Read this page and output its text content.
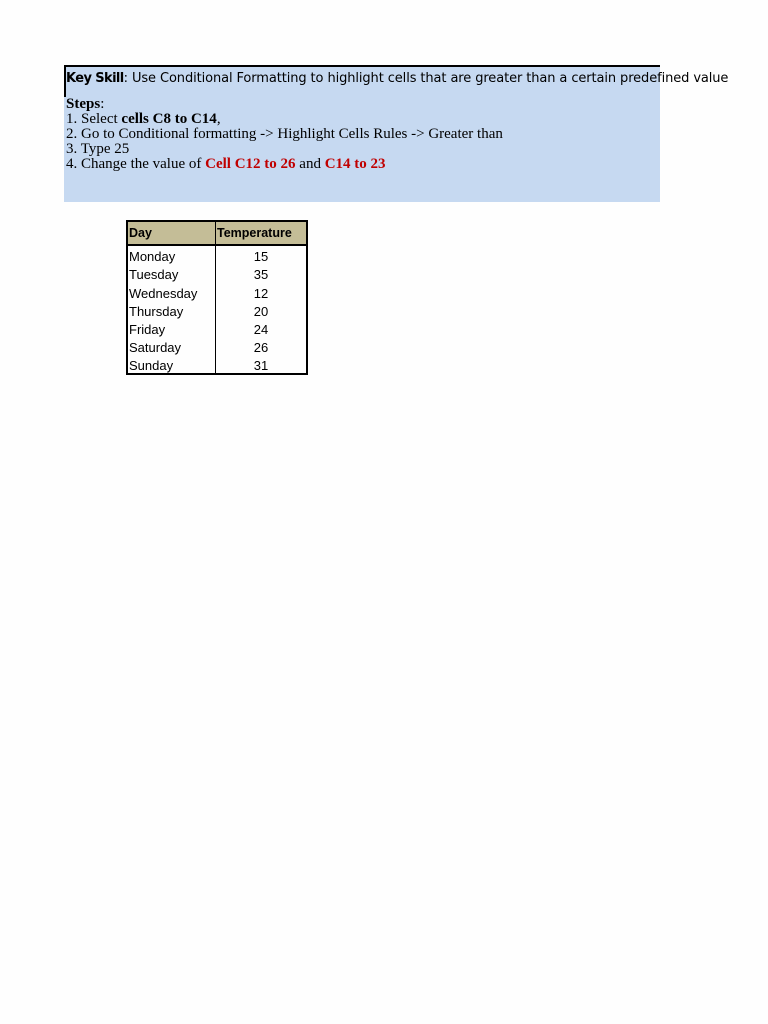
Key Skill: Use Conditional Formatting to highlight cells that are greater than a certain predefined value
Steps:
1. Select cells C8 to C14,
2. Go to Conditional formatting -> Highlight Cells Rules -> Greater than
3. Type 25
4. Change the value of Cell C12 to 26 and C14 to 23
Day	Temperature
Monday	15
Tuesday	35
Wednesday	12
Thursday	20
Friday	24
Saturday	26
Sunday	31
